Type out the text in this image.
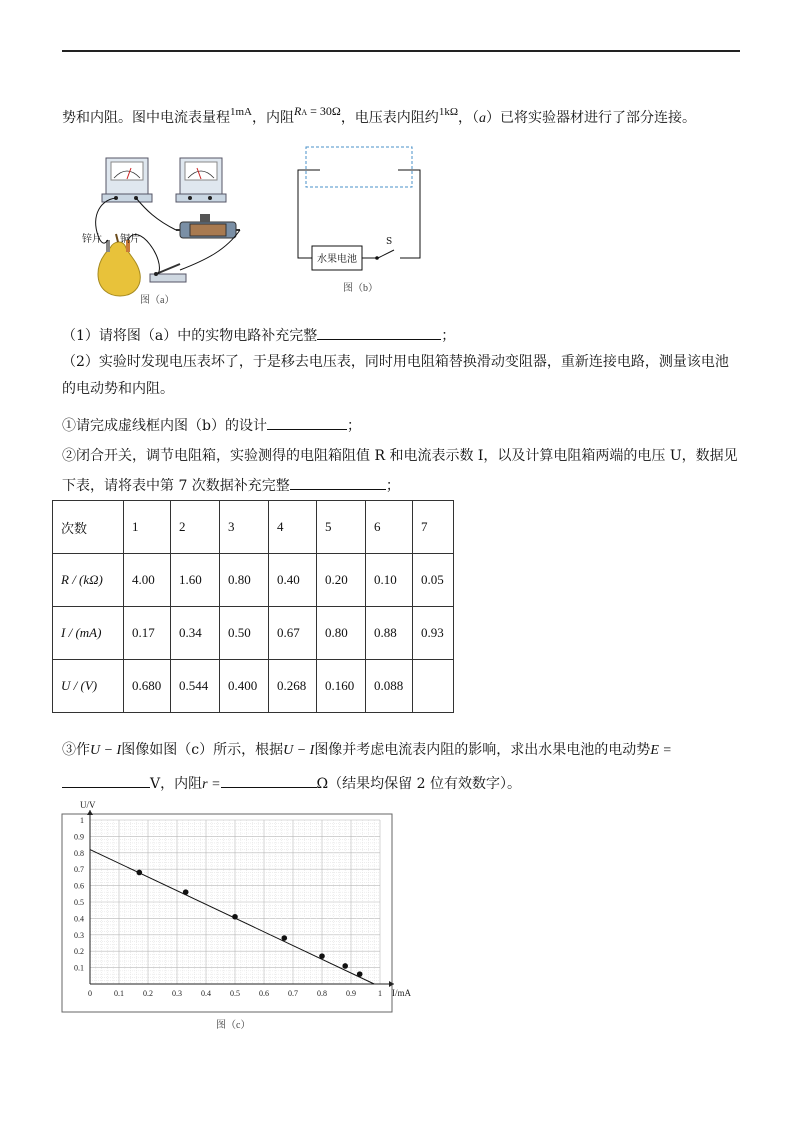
势和内阻。图中电流表量程$^{1mA}$，内阻RA = 30Ω，电压表内阻约$^{1k\Omega}$，（a）已将实验器材进行了部分连接。
锌片 铜片
图（a）
水果电池
S
图（b）
（1）请将图（a）中的实物电路补充完整	；
（2）实验时发现电压表坏了，于是移去电压表，同时用电阻箱替换滑动变阻器，重新连接电路，测量该电池
的电动势和内阻。
①请完成虚线框内图（b）的设计	；
②闭合开关，调节电阻箱，实验测得的电阻箱阻值 R 和电流表示数 I，以及计算电阻箱两端的电压 U，数据见
下表，请将表中第 7 次数据补充完整	；
次数	1	2	3	4	5	6	7
R / (kΩ)	4.00	1.60	0.80	0.40	0.20	0.10	0.05
I / (mA)	0.17	0.34	0.50	0.67	0.80	0.88	0.93
U / (V)	0.680	0.544	0.400	0.268	0.160	0.088	
③作U − I图像如图（c）所示，根据U − I图像并考虑电流表内阻的影响，求出水果电池的电动势E =
V，内阻r =	Ω（结果均保留 2 位有效数字）。
0	0.1 0.2 0.3 0.4 0.5 0.6 0.7 0.8 0.9	1
0.1
0.2
0.3
0.4
0.5
0.6
0.7
0.8
0.9
1
U/V
I/mA
图（c）
